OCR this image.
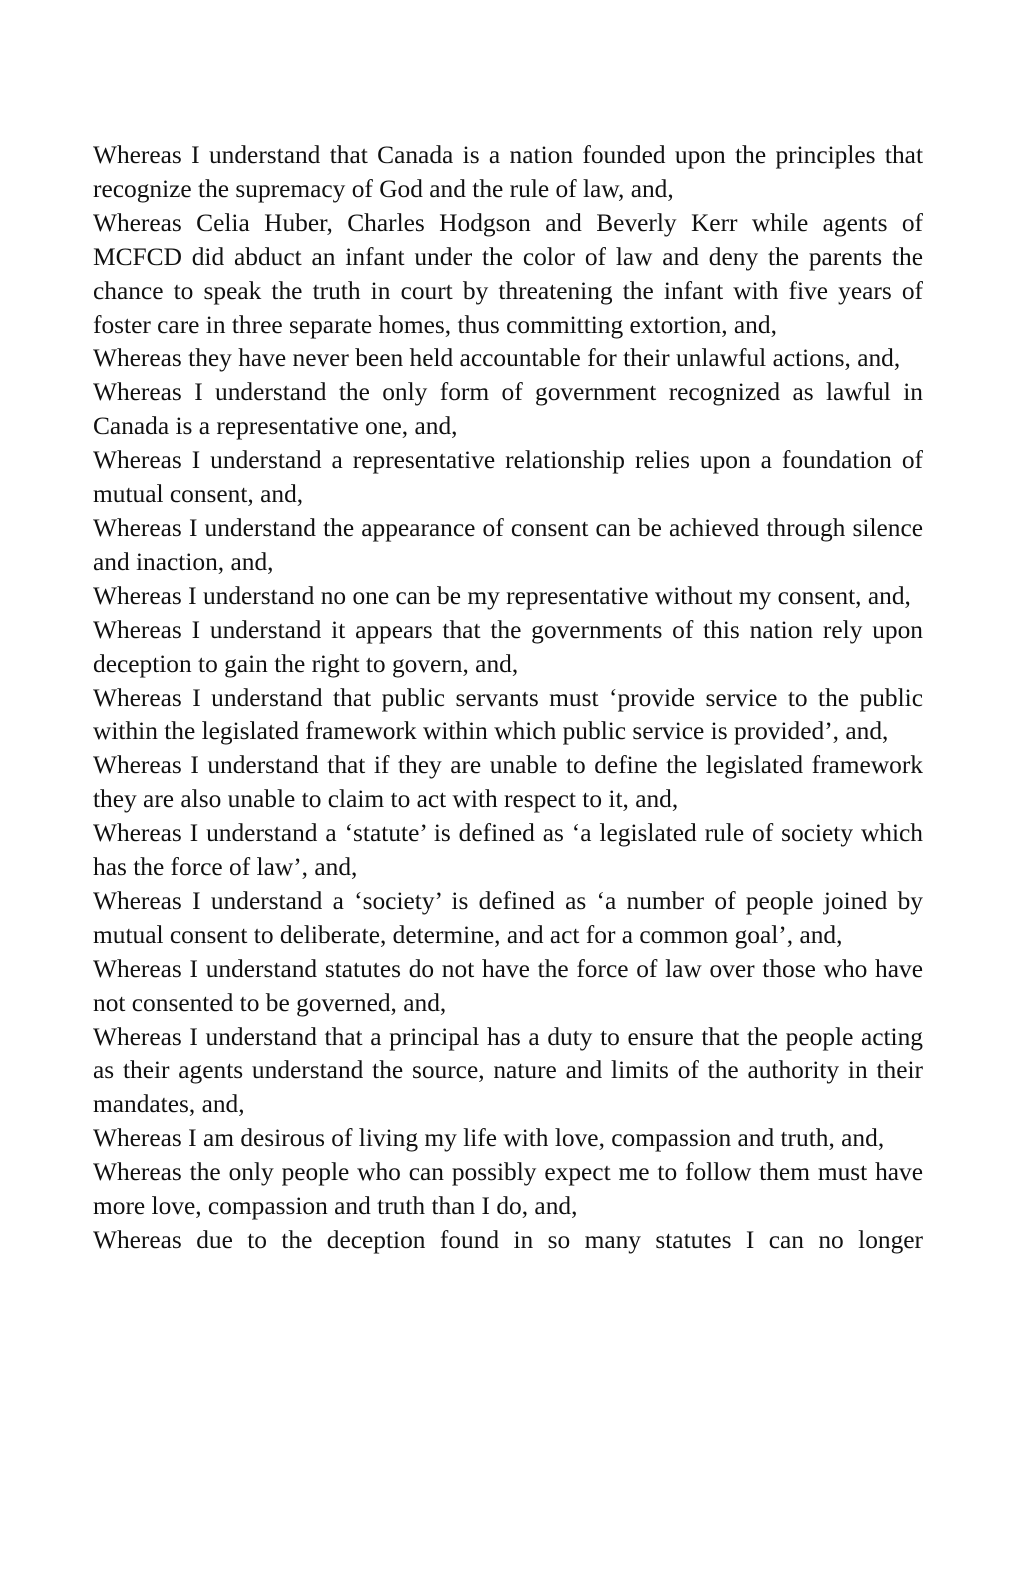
Whereas I understand that Canada is a nation founded upon the principles that recognize the supremacy of God and the rule of law, and,

Whereas Celia Huber, Charles Hodgson and Beverly Kerr while agents of MCFCD did abduct an infant under the color of law and deny the parents the chance to speak the truth in court by threatening the infant with five years of foster care in three separate homes, thus committing extortion, and,

Whereas they have never been held accountable for their unlawful actions, and,

Whereas I understand the only form of government recognized as lawful in Canada is a representative one, and,

Whereas I understand a representative relationship relies upon a foundation of mutual consent, and,

Whereas I understand the appearance of consent can be achieved through silence and inaction, and,

Whereas I understand no one can be my representative without my consent, and,

Whereas I understand it appears that the governments of this nation rely upon deception to gain the right to govern, and,

Whereas I understand that public servants must ‘provide service to the public within the legislated framework within which public service is provided’, and,

Whereas I understand that if they are unable to define the legislated framework they are also unable to claim to act with respect to it, and,

Whereas I understand a ‘statute’ is defined as ‘a legislated rule of society which has the force of law’, and,

Whereas I understand a ‘society’ is defined as ‘a number of people joined by mutual consent to deliberate, determine, and act for a common goal’, and,

Whereas I understand statutes do not have the force of law over those who have not consented to be governed, and,

Whereas I understand that a principal has a duty to ensure that the people acting as their agents understand the source, nature and limits of the authority in their mandates, and,

Whereas I am desirous of living my life with love, compassion and truth, and,

Whereas the only people who can possibly expect me to follow them must have more love, compassion and truth than I do, and,

Whereas due to the deception found in so many statutes I can no longer
